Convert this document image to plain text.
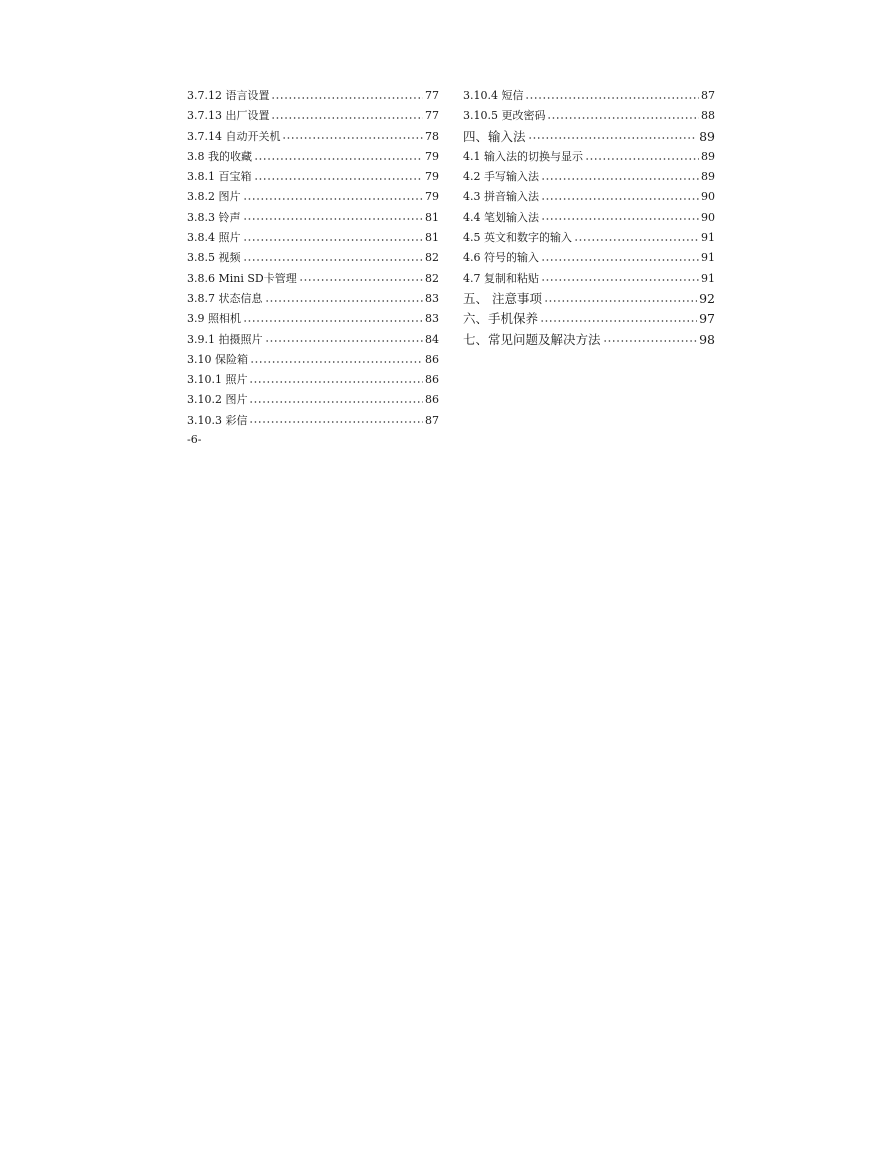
3.7.12 语言设置	77
3.7.13 出厂设置	77
3.7.14 自动开关机	78
3.8 我的收藏	79
3.8.1 百宝箱	79
3.8.2 图片	79
3.8.3 铃声	81
3.8.4 照片	81
3.8.5 视频	82
3.8.6 Mini SD卡管理	82
3.8.7 状态信息	83
3.9 照相机	83
3.9.1 拍摄照片	84
3.10 保险箱	86
3.10.1 照片	86
3.10.2 图片	86
3.10.3 彩信	87
3.10.4 短信	87
3.10.5 更改密码	88
四、输入法	89
4.1 输入法的切换与显示	89
4.2 手写输入法	89
4.3 拼音输入法	90
4.4 笔划输入法	90
4.5 英文和数字的输入	91
4.6 符号的输入	91
4.7 复制和粘贴	91
五、 注意事项	92
六、手机保养	97
七、常见问题及解决方法	98
-6-
